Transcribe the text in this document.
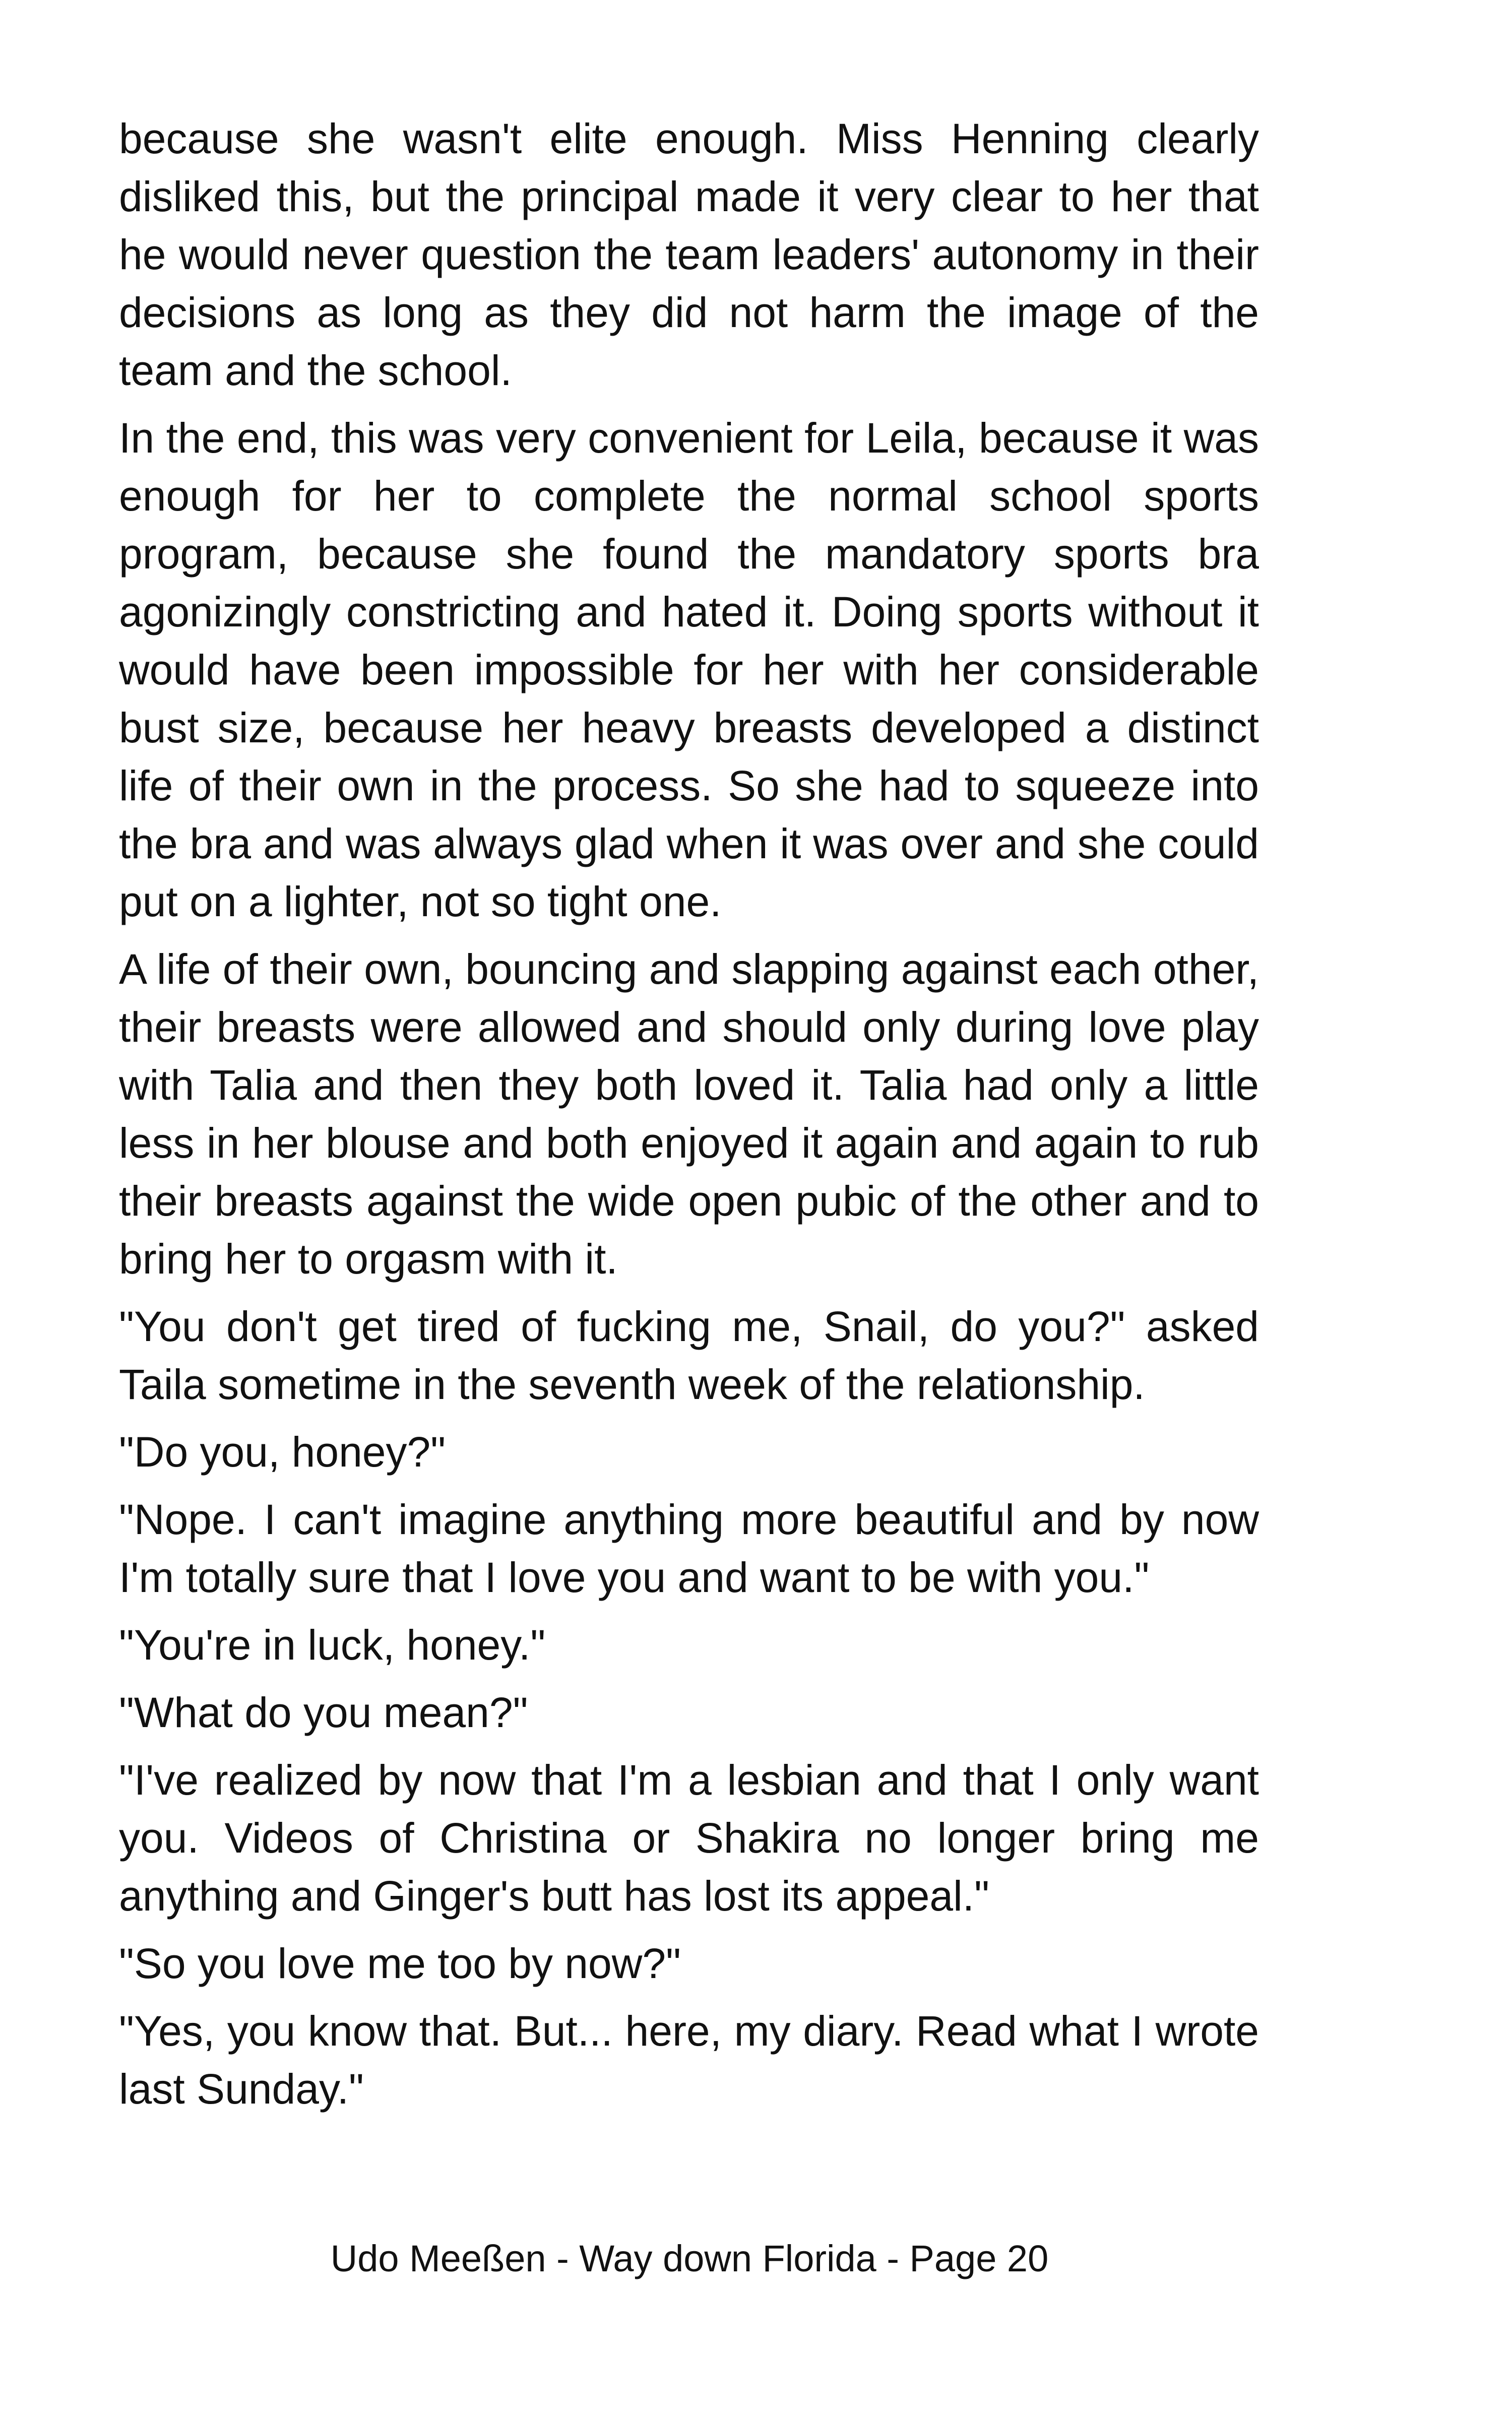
because she wasn't elite enough. Miss Henning clearly disliked this, but the principal made it very clear to her that he would never question the team leaders' autonomy in their decisions as long as they did not harm the image of the team and the school.

In the end, this was very convenient for Leila, because it was enough for her to complete the normal school sports program, because she found the mandatory sports bra agonizingly constricting and hated it. Doing sports without it would have been impossible for her with her considerable bust size, because her heavy breasts developed a distinct life of their own in the process. So she had to squeeze into the bra and was always glad when it was over and she could put on a lighter, not so tight one.

A life of their own, bouncing and slapping against each other, their breasts were allowed and should only during love play with Talia and then they both loved it. Talia had only a little less in her blouse and both enjoyed it again and again to rub their breasts against the wide open pubic of the other and to bring her to orgasm with it.

"You don't get tired of fucking me, Snail, do you?" asked Taila sometime in the seventh week of the relationship.

"Do you, honey?"

"Nope. I can't imagine anything more beautiful and by now I'm totally sure that I love you and want to be with you."

"You're in luck, honey."

"What do you mean?"

"I've realized by now that I'm a lesbian and that I only want you. Videos of Christina or Shakira no longer bring me anything and Ginger's butt has lost its appeal."

"So you love me too by now?"

"Yes, you know that. But... here, my diary. Read what I wrote last Sunday."

Udo Meeßen - Way down Florida - Page 20
